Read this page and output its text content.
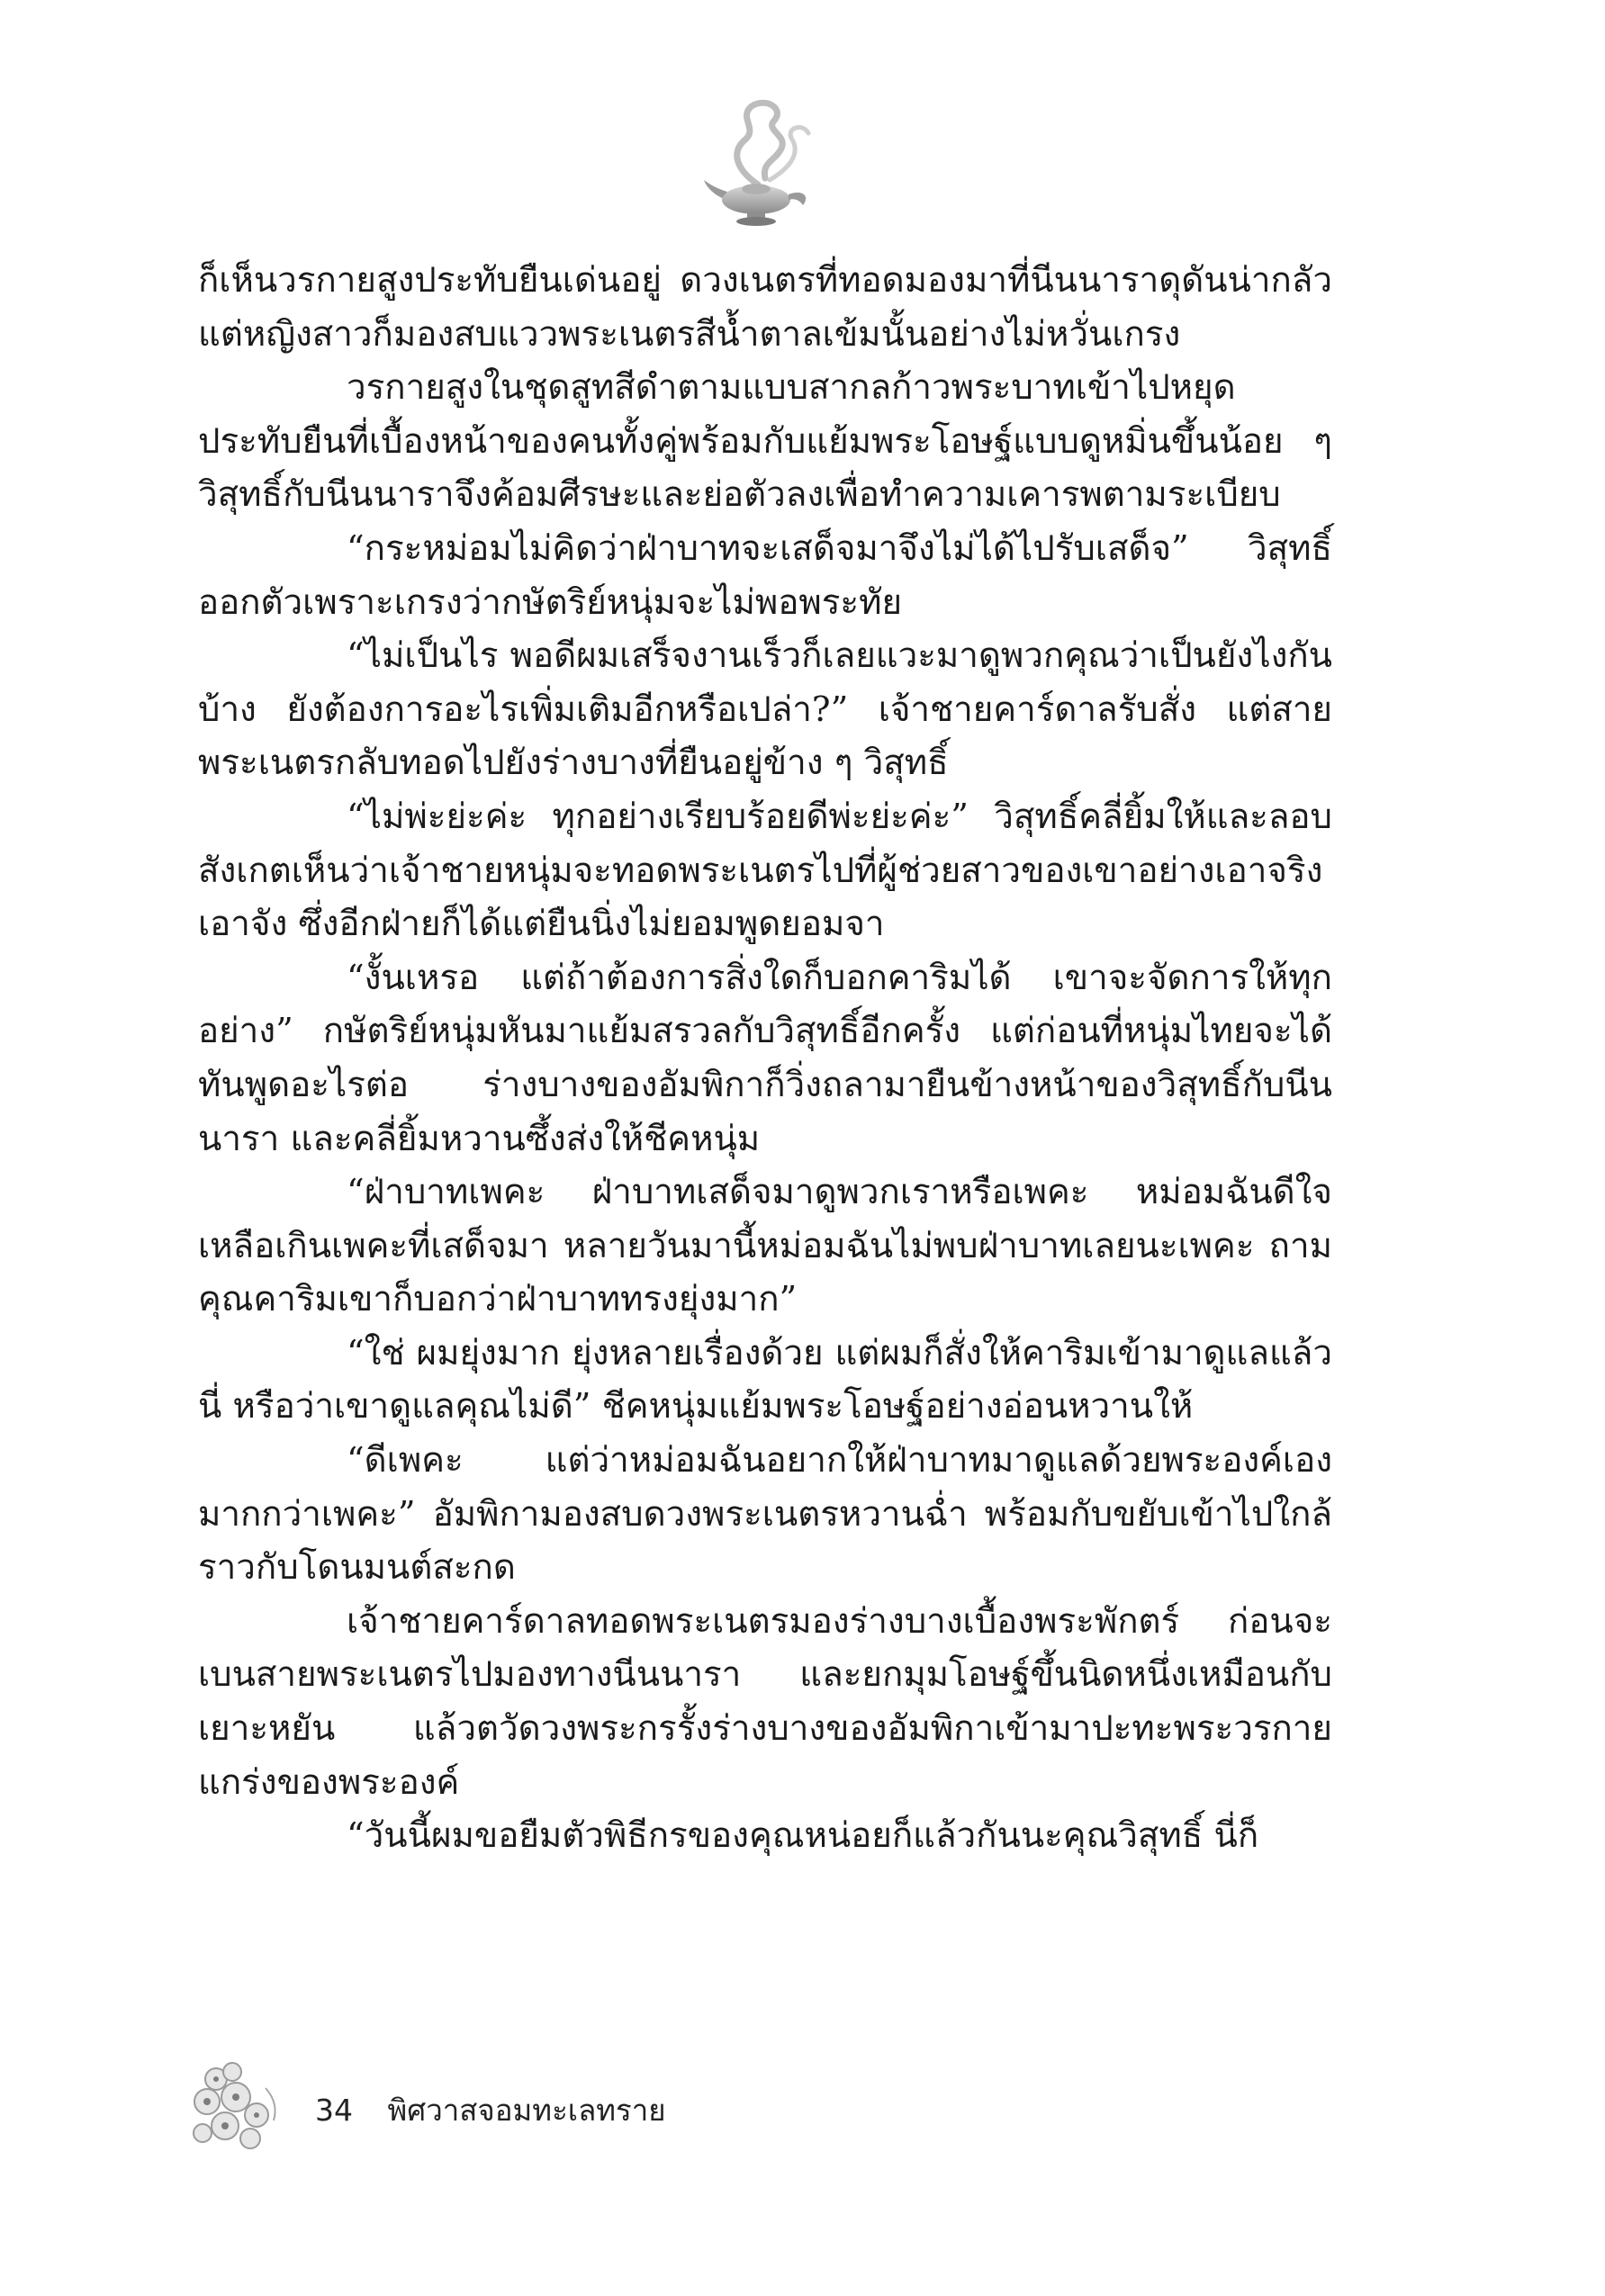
ก็เห็นวรกายสูงประทับยืนเด่นอยู่ ดวงเนตรที่ทอดมองมาที่นีนนาราดุดันน่ากลัว แต่หญิงสาวก็มองสบแววพระเนตรสีน้ำตาลเข้มนั้นอย่างไม่หวั่นเกรง

วรกายสูงในชุดสูทสีดำตามแบบสากลก้าวพระบาทเข้าไปหยุดประทับยืนที่เบื้องหน้าของคนทั้งคู่พร้อมกับแย้มพระโอษฐ์แบบดูหมิ่นขึ้นน้อย ๆ วิสุทธิ์กับนีนนาราจึงค้อมศีรษะและย่อตัวลงเพื่อทำความเคารพตามระเบียบ

“กระหม่อมไม่คิดว่าฝ่าบาทจะเสด็จมาจึงไม่ได้ไปรับเสด็จ” วิสุทธิ์ออกตัวเพราะเกรงว่ากษัตริย์หนุ่มจะไม่พอพระทัย

“ไม่เป็นไร พอดีผมเสร็จงานเร็วก็เลยแวะมาดูพวกคุณว่าเป็นยังไงกันบ้าง ยังต้องการอะไรเพิ่มเติมอีกหรือเปล่า?” เจ้าชายคาร์ดาลรับสั่ง แต่สายพระเนตรกลับทอดไปยังร่างบางที่ยืนอยู่ข้าง ๆ วิสุทธิ์

“ไม่พ่ะย่ะค่ะ ทุกอย่างเรียบร้อยดีพ่ะย่ะค่ะ” วิสุทธิ์คลี่ยิ้มให้และลอบสังเกตเห็นว่าเจ้าชายหนุ่มจะทอดพระเนตรไปที่ผู้ช่วยสาวของเขาอย่างเอาจริงเอาจัง ซึ่งอีกฝ่ายก็ได้แต่ยืนนิ่งไม่ยอมพูดยอมจา

“งั้นเหรอ แต่ถ้าต้องการสิ่งใดก็บอกคาริมได้ เขาจะจัดการให้ทุกอย่าง” กษัตริย์หนุ่มหันมาแย้มสรวลกับวิสุทธิ์อีกครั้ง แต่ก่อนที่หนุ่มไทยจะได้ทันพูดอะไรต่อ ร่างบางของอัมพิกาก็วิ่งถลามายืนข้างหน้าของวิสุทธิ์กับนีนนารา และคลี่ยิ้มหวานซึ้งส่งให้ชีคหนุ่ม

“ฝ่าบาทเพคะ ฝ่าบาทเสด็จมาดูพวกเราหรือเพคะ หม่อมฉันดีใจเหลือเกินเพคะที่เสด็จมา หลายวันมานี้หม่อมฉันไม่พบฝ่าบาทเลยนะเพคะ ถามคุณคาริมเขาก็บอกว่าฝ่าบาททรงยุ่งมาก”

“ใช่ ผมยุ่งมาก ยุ่งหลายเรื่องด้วย แต่ผมก็สั่งให้คาริมเข้ามาดูแลแล้วนี่ หรือว่าเขาดูแลคุณไม่ดี” ชีคหนุ่มแย้มพระโอษฐ์อย่างอ่อนหวานให้

“ดีเพคะ แต่ว่าหม่อมฉันอยากให้ฝ่าบาทมาดูแลด้วยพระองค์เองมากกว่าเพคะ” อัมพิกามองสบดวงพระเนตรหวานฉ่ำ พร้อมกับขยับเข้าไปใกล้ราวกับโดนมนต์สะกด

เจ้าชายคาร์ดาลทอดพระเนตรมองร่างบางเบื้องพระพักตร์ ก่อนจะเบนสายพระเนตรไปมองทางนีนนารา และยกมุมโอษฐ์ขึ้นนิดหนึ่งเหมือนกับเยาะหยัน แล้วตวัดวงพระกรรั้งร่างบางของอัมพิกาเข้ามาปะทะพระวรกายแกร่งของพระองค์

“วันนี้ผมขอยืมตัวพิธีกรของคุณหน่อยก็แล้วกันนะคุณวิสุทธิ์ นี่ก็

34 พิศวาสจอมทะเลทราย
